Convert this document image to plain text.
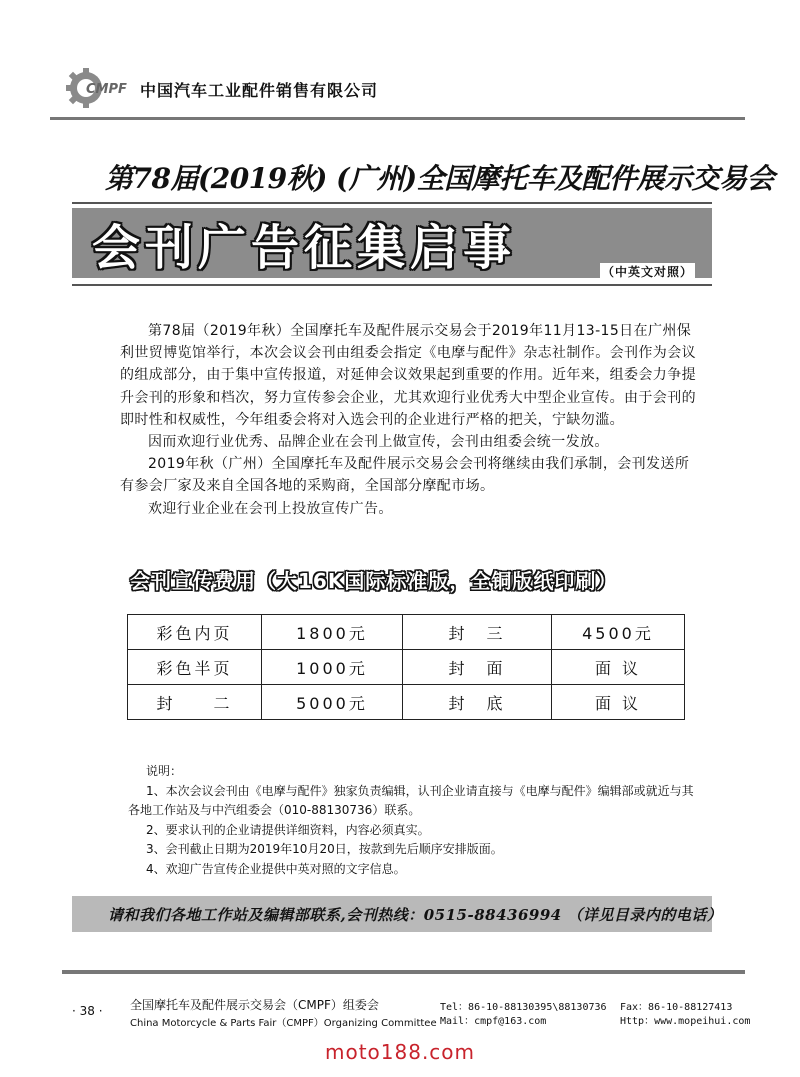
CMPF 中国汽车工业配件销售有限公司
第78届(2019秋) (广州)全国摩托车及配件展示交易会
会刊广告征集启事	（中英文对照）

第78届（2019年秋）全国摩托车及配件展示交易会于2019年11月13-15日在广州保利世贸博览馆举行，本次会议会刊由组委会指定《电摩与配件》杂志社制作。会刊作为会议的组成部分，由于集中宣传报道，对延伸会议效果起到重要的作用。近年来，组委会力争提升会刊的形象和档次，努力宣传参会企业，尤其欢迎行业优秀大中型企业宣传。由于会刊的即时性和权威性，今年组委会将对入选会刊的企业进行严格的把关，宁缺勿滥。

因而欢迎行业优秀、品牌企业在会刊上做宣传，会刊由组委会统一发放。

2019年秋（广州）全国摩托车及配件展示交易会会刊将继续由我们承制，会刊发送所有参会厂家及来自全国各地的采购商，全国部分摩配市场。

欢迎行业企业在会刊上投放宣传广告。

会刊宣传费用（大16K国际标准版，全铜版纸印刷）
彩色内页	1800元	封　三	4500元
彩色半页	1000元	封　面	面 议
封　　二	5000元	封　底	面 议
说明：
1、本次会议会刊由《电摩与配件》独家负责编辑，认刊企业请直接与《电摩与配件》编辑部或就近与其
各地工作站及与中汽组委会（010-88130736）联系。
2、要求认刊的企业请提供详细资料，内容必须真实。
3、会刊截止日期为2019年10月20日，按款到先后顺序安排版面。
4、欢迎广告宣传企业提供中英对照的文字信息。
请和我们各地工作站及编辑部联系,会刊热线：0515-88436994 （详见目录内的电话）
· 38 · 全国摩托车及配件展示交易会（CMPF）组委会
China Motorcycle & Parts Fair（CMPF）Organizing Committee
Tel：86-10-88130395\88130736
Mail：cmpf@163.com
Fax：86-10-88127413
Http：www.mopeihui.com
moto188.com
